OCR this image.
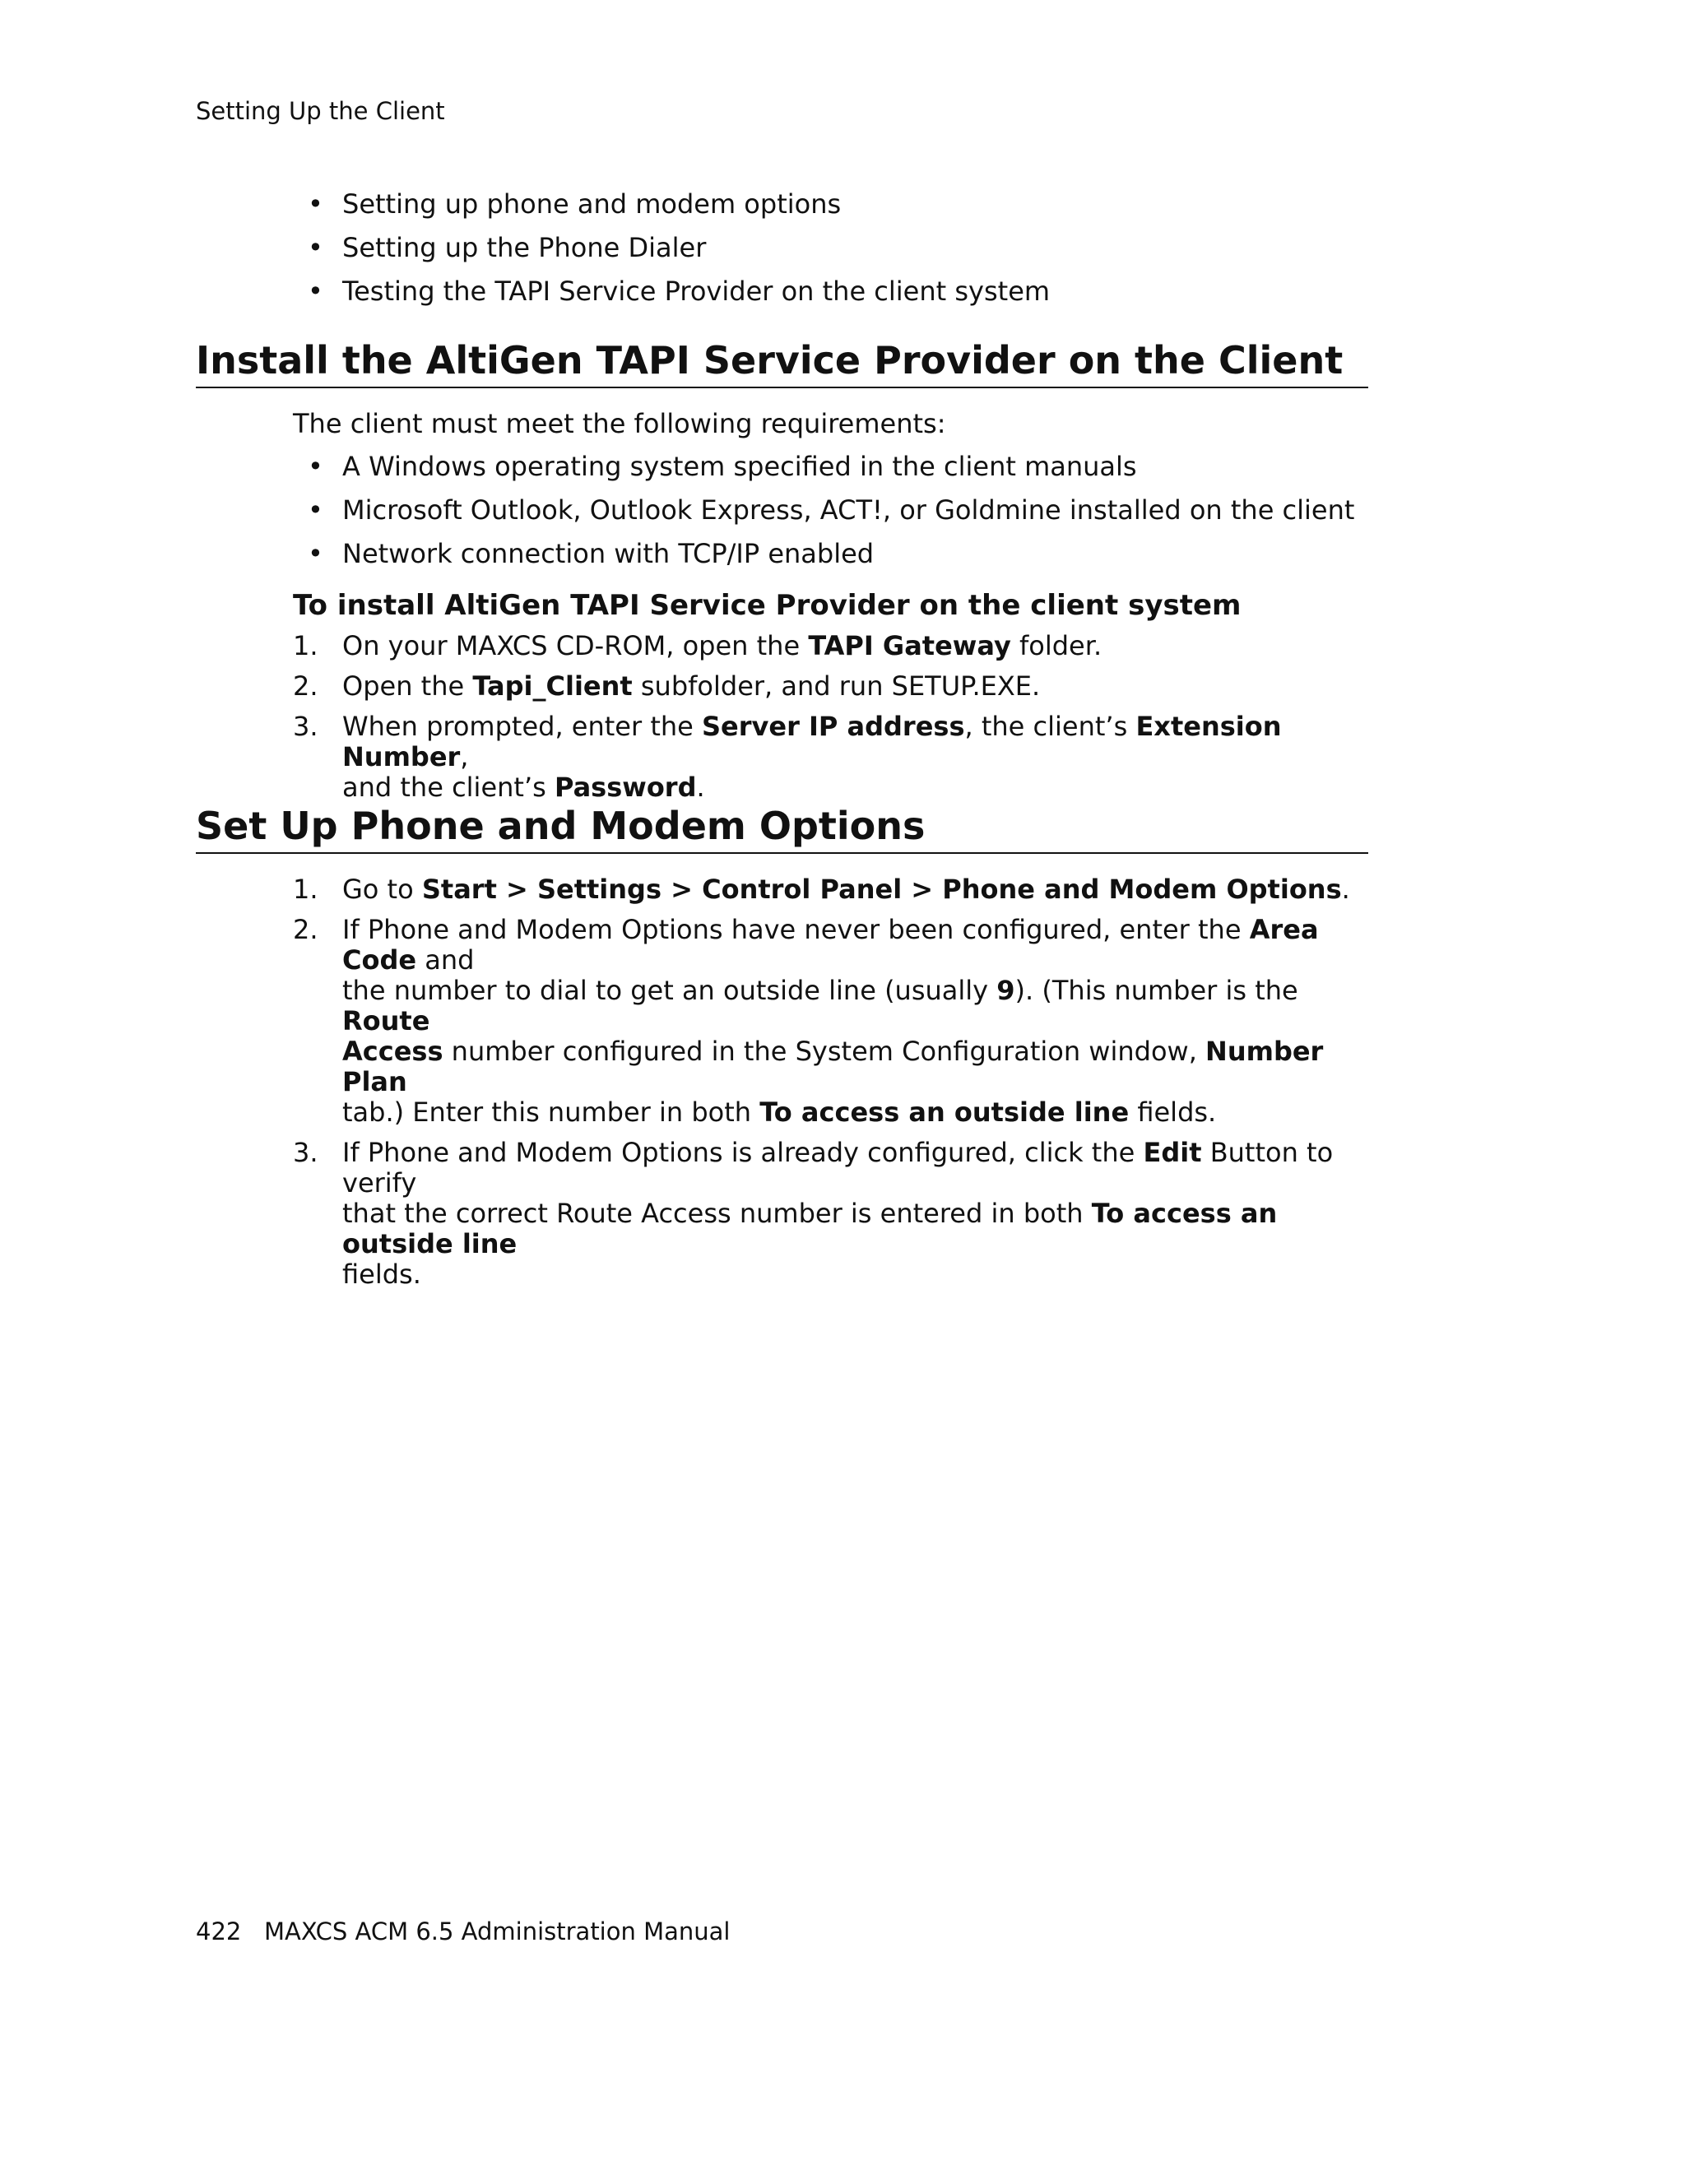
Setting Up the Client
• Setting up phone and modem options
• Setting up the Phone Dialer
• Testing the TAPI Service Provider on the client system
Install the AltiGen TAPI Service Provider on the Client
The client must meet the following requirements:
• A Windows operating system specified in the client manuals
• Microsoft Outlook, Outlook Express, ACT!, or Goldmine installed on the client
• Network connection with TCP/IP enabled
To install AltiGen TAPI Service Provider on the client system
1. On your MAXCS CD-ROM, open the TAPI Gateway folder.
2. Open the Tapi_Client subfolder, and run SETUP.EXE.
3. When prompted, enter the Server IP address, the client’s Extension Number,
and the client’s Password.
Set Up Phone and Modem Options
1. Go to Start > Settings > Control Panel > Phone and Modem Options.
2. If Phone and Modem Options have never been configured, enter the Area Code and
the number to dial to get an outside line (usually 9). (This number is the Route
Access number configured in the System Configuration window, Number Plan
tab.) Enter this number in both To access an outside line fields.
3. If Phone and Modem Options is already configured, click the Edit Button to verify
that the correct Route Access number is entered in both To access an outside line
fields.
422 MAXCS ACM 6.5 Administration Manual
